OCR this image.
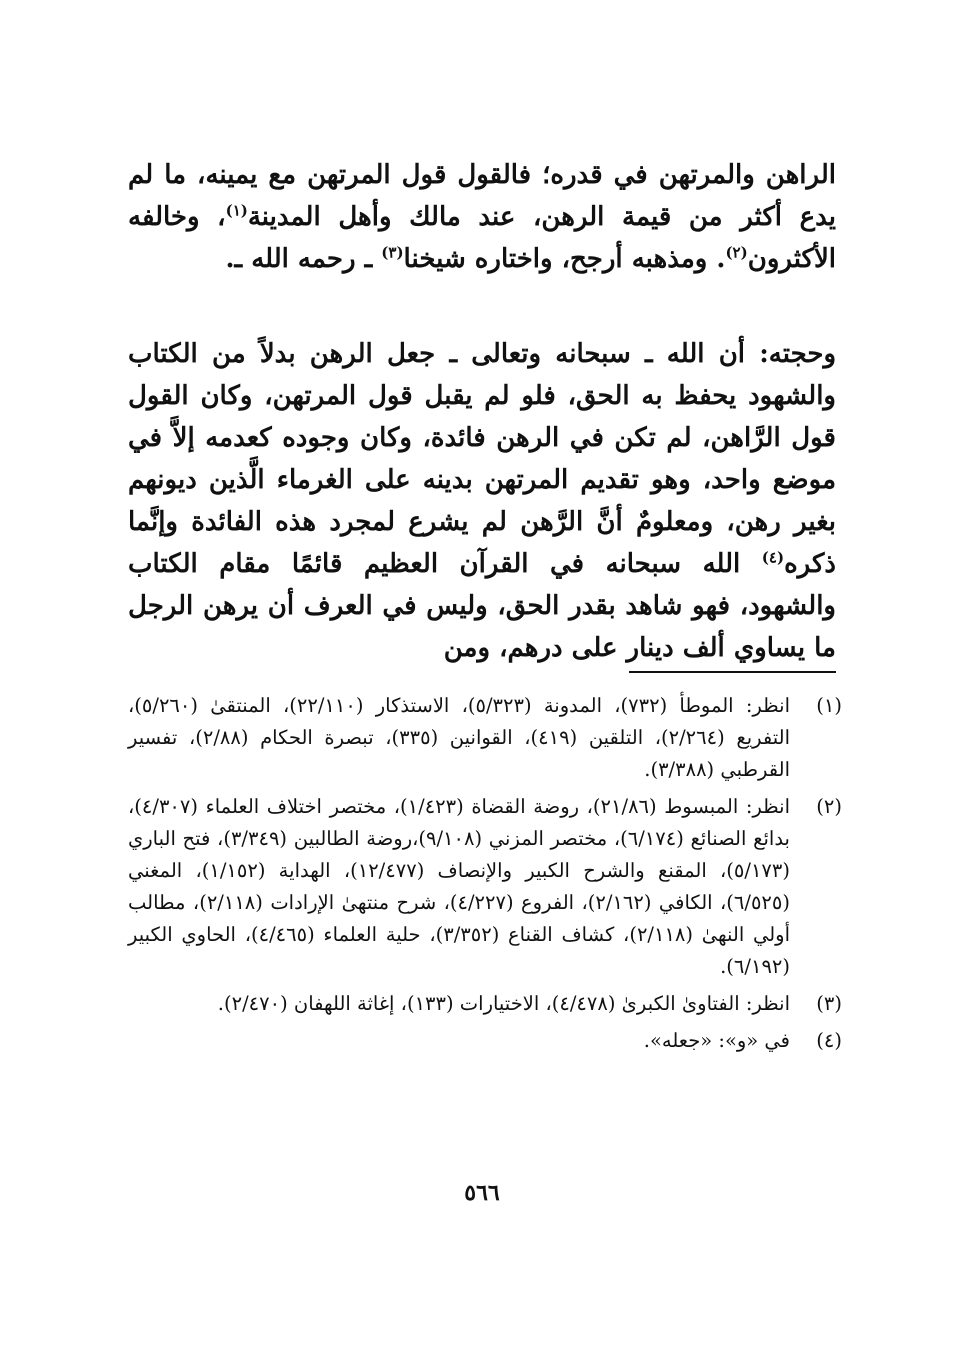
الراهن والمرتهن في قدره؛ فالقول قول المرتهن مع يمينه، ما لم يدع أكثر من قيمة الرهن، عند مالك وأهل المدينة$^{(١)}$، وخالفه الأكثرون$^{(٢)}$. ومذهبه أرجح، واختاره شيخنا$^{(٣)}$ ـ رحمه الله ـ.
وحجته: أن الله ـ سبحانه وتعالى ـ جعل الرهن بدلاً من الكتاب والشهود يحفظ به الحق، فلو لم يقبل قول المرتهن، وكان القول قول الرَّاهن، لم تكن في الرهن فائدة، وكان وجوده كعدمه إلاَّ في موضع واحد، وهو تقديم المرتهن بدينه على الغرماء الَّذين ديونهم بغير رهن، ومعلومٌ أنَّ الرَّهن لم يشرع لمجرد هذه الفائدة وإنَّما ذكره$^{(٤)}$ الله سبحانه في القرآن العظيم قائمًا مقام الكتاب والشهود، فهو شاهد بقدر الحق، وليس في العرف أن يرهن الرجل ما يساوي ألف دينار على درهم، ومن
(١)
انظر: الموطأ (٧٣٢)، المدونة (٥/٣٢٣)، الاستذكار (٢٢/١١٠)، المنتقىٰ (٥/٢٦٠)، التفريع (٢/٢٦٤)، التلقين (٤١٩)، القوانين (٣٣٥)، تبصرة الحكام (٢/٨٨)، تفسير القرطبي (٣/٣٨٨).
(٢)
انظر: المبسوط (٢١/٨٦)، روضة القضاة (١/٤٢٣)، مختصر اختلاف العلماء (٤/٣٠٧)، بدائع الصنائع (٦/١٧٤)، مختصر المزني (٩/١٠٨)،روضة الطالبين (٣/٣٤٩)، فتح الباري (٥/١٧٣)، المقنع والشرح الكبير والإنصاف (١٢/٤٧٧)، الهداية (١/١٥٢)، المغني (٦/٥٢٥)، الكافي (٢/١٦٢)، الفروع (٤/٢٢٧)، شرح منتهىٰ الإرادات (٢/١١٨)، مطالب أولي النهىٰ (٢/١١٨)، كشاف القناع (٣/٣٥٢)، حلية العلماء (٤/٤٦٥)، الحاوي الكبير (٦/١٩٢).
(٣)
انظر: الفتاوىٰ الكبرىٰ (٤/٤٧٨)، الاختيارات (١٣٣)، إغاثة اللهفان (٢/٤٧٠).
(٤)
في «و»: «جعله».
٥٦٦
